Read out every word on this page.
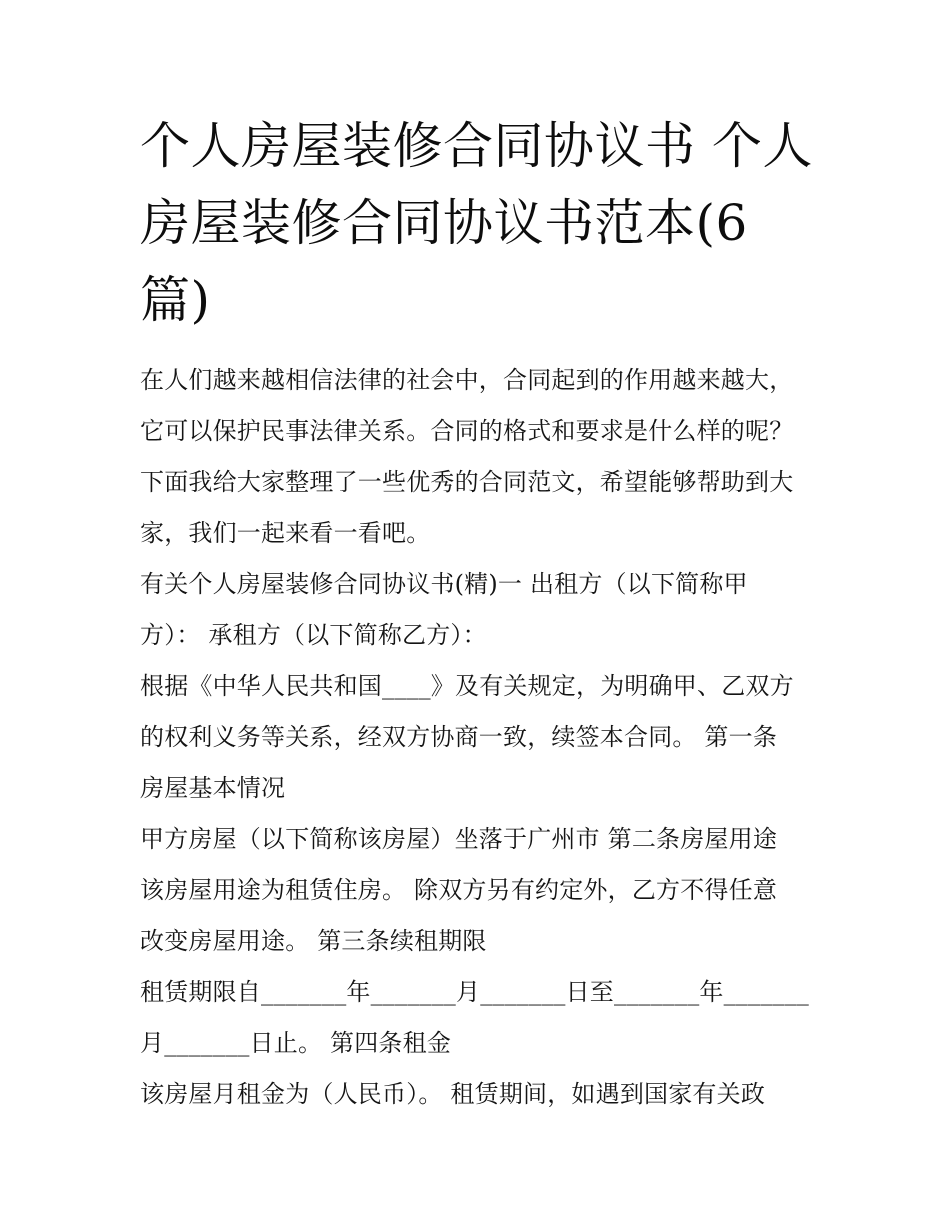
个人房屋装修合同协议书 个人
房屋装修合同协议书范本(6
篇)
在人们越来越相信法律的社会中，合同起到的作用越来越大，
它可以保护民事法律关系。合同的格式和要求是什么样的呢？
下面我给大家整理了一些优秀的合同范文，希望能够帮助到大
家，我们一起来看一看吧。
有关个人房屋装修合同协议书(精)一 出租方（以下简称甲
方）： 承租方（以下简称乙方）：
根据《中华人民共和国____》及有关规定，为明确甲、乙双方
的权利义务等关系，经双方协商一致，续签本合同。 第一条
房屋基本情况
甲方房屋（以下简称该房屋）坐落于广州市 第二条房屋用途
该房屋用途为租赁住房。 除双方另有约定外，乙方不得任意
改变房屋用途。 第三条续租期限
租赁期限自_______年_______月_______日至_______年_______
月_______日止。 第四条租金
该房屋月租金为（人民币）。 租赁期间，如遇到国家有关政
